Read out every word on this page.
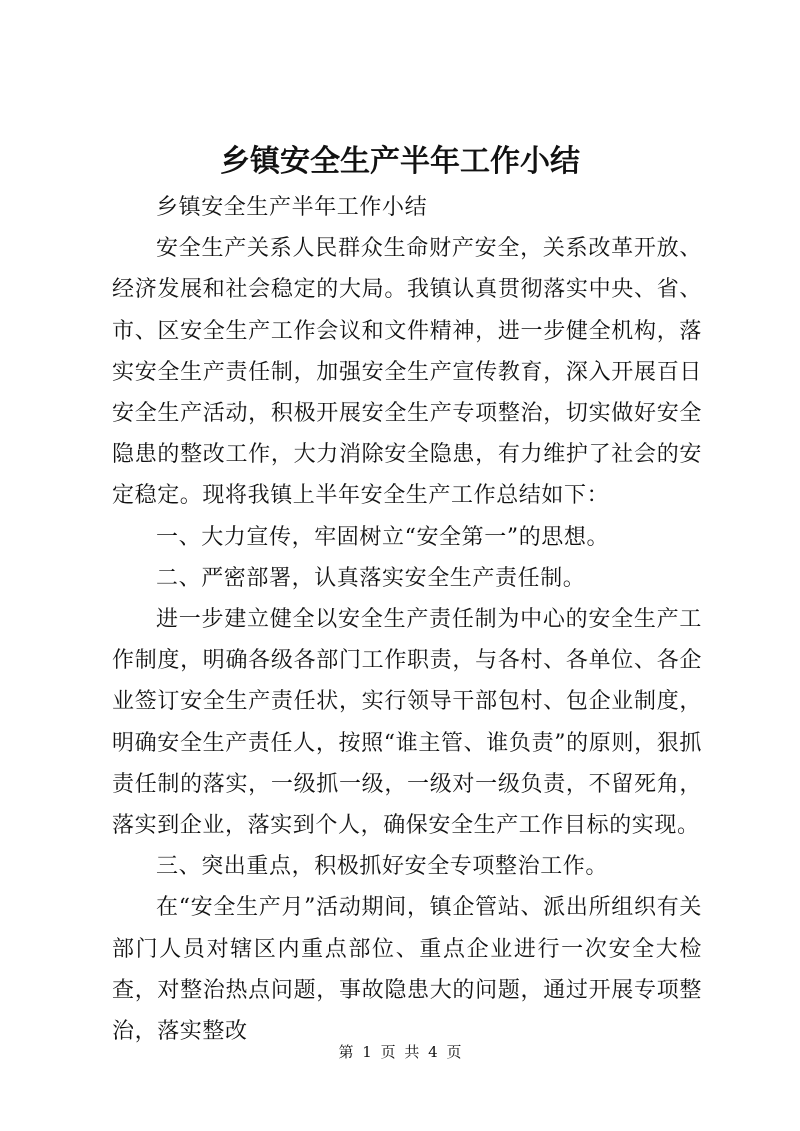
乡镇安全生产半年工作小结

乡镇安全生产半年工作小结

安全生产关系人民群众生命财产安全，关系改革开放、经济发展和社会稳定的大局。我镇认真贯彻落实中央、省、市、区安全生产工作会议和文件精神，进一步健全机构，落实安全生产责任制，加强安全生产宣传教育，深入开展百日安全生产活动，积极开展安全生产专项整治，切实做好安全隐患的整改工作，大力消除安全隐患，有力维护了社会的安定稳定。现将我镇上半年安全生产工作总结如下：

一、大力宣传，牢固树立“安全第一”的思想。

二、严密部署，认真落实安全生产责任制。

进一步建立健全以安全生产责任制为中心的安全生产工作制度，明确各级各部门工作职责，与各村、各单位、各企业签订安全生产责任状，实行领导干部包村、包企业制度，明确安全生产责任人，按照“谁主管、谁负责”的原则，狠抓责任制的落实，一级抓一级，一级对一级负责，不留死角，落实到企业，落实到个人，确保安全生产工作目标的实现。

三、突出重点，积极抓好安全专项整治工作。

在“安全生产月”活动期间，镇企管站、派出所组织有关部门人员对辖区内重点部位、重点企业进行一次安全大检查，对整治热点问题，事故隐患大的问题，通过开展专项整治，落实整改

第 1 页 共 4 页
